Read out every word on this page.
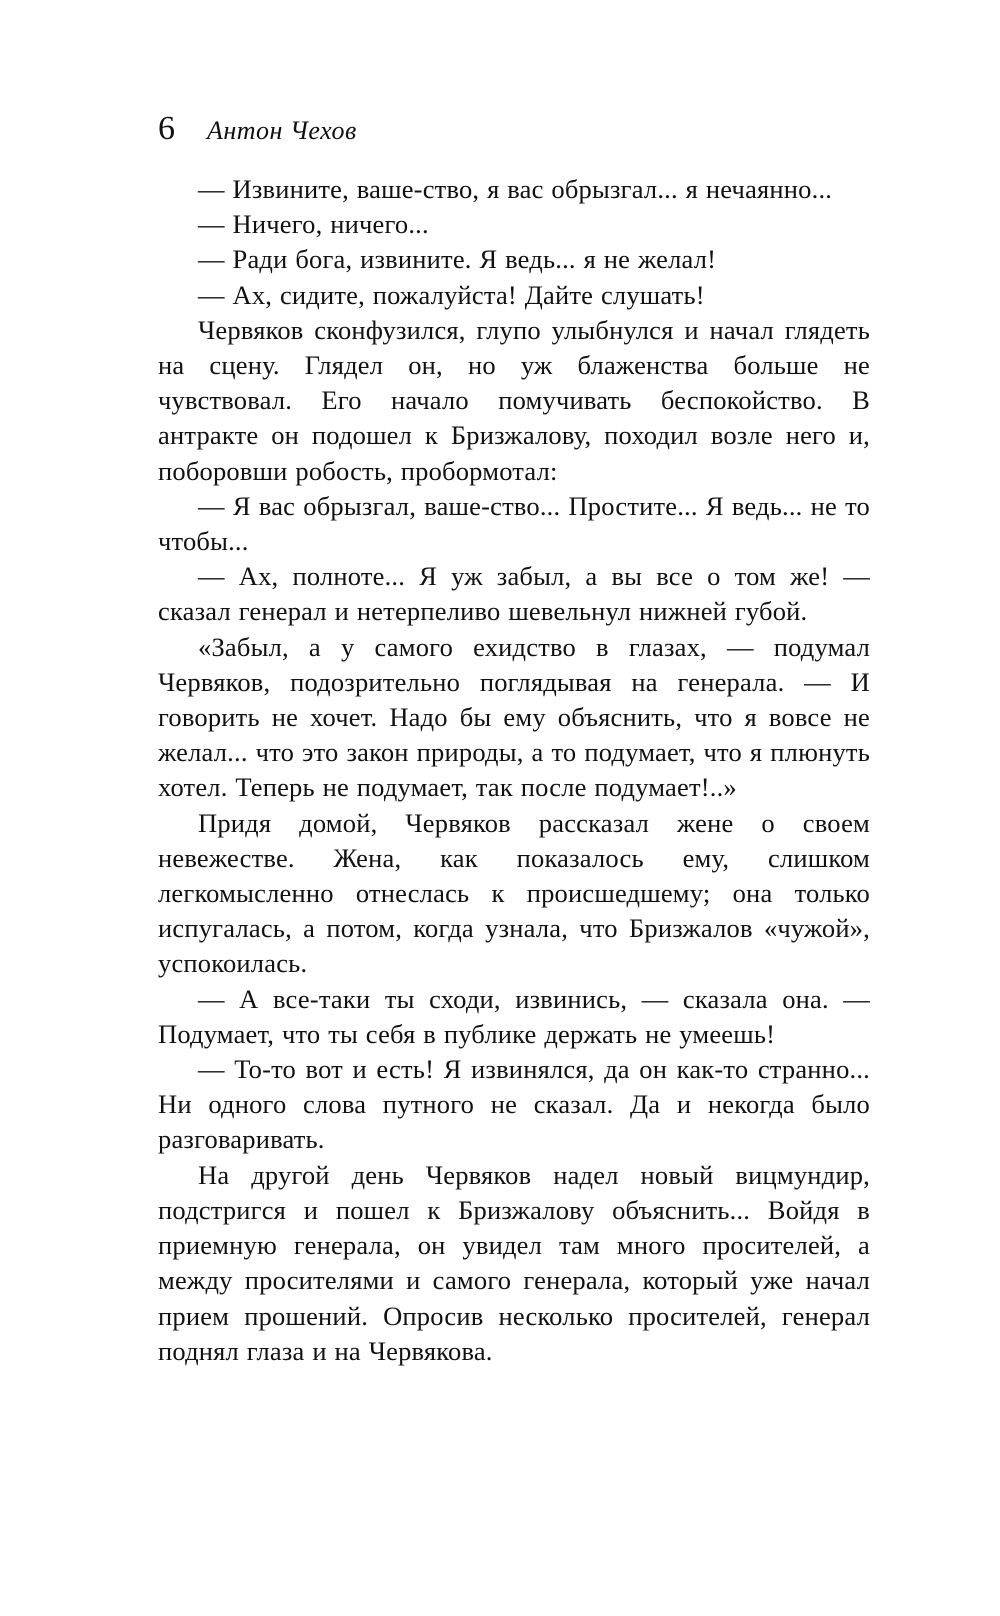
6 Антон Чехов

— Извините, ваше-ство, я вас обрызгал... я нечаянно...

— Ничего, ничего...

— Ради бога, извините. Я ведь... я не желал!

— Ах, сидите, пожалуйста! Дайте слушать!

Червяков сконфузился, глупо улыбнулся и начал глядеть на сцену. Глядел он, но уж блаженства больше не чувствовал. Его начало помучивать беспокойство. В антракте он подошел к Бризжалову, походил возле него и, поборовши робость, пробормотал:

— Я вас обрызгал, ваше-ство... Простите... Я ведь... не то чтобы...

— Ах, полноте... Я уж забыл, а вы все о том же! — сказал генерал и нетерпеливо шевельнул нижней губой.

«Забыл, а у самого ехидство в глазах, — подумал Червяков, подозрительно поглядывая на генерала. — И говорить не хочет. Надо бы ему объяснить, что я вовсе не желал... что это закон природы, а то подумает, что я плюнуть хотел. Теперь не подумает, так после подумает!..»

Придя домой, Червяков рассказал жене о своем невежестве. Жена, как показалось ему, слишком легкомысленно отнеслась к происшедшему; она только испугалась, а потом, когда узнала, что Бризжалов «чужой», успокоилась.

— А все-таки ты сходи, извинись, — сказала она. — Подумает, что ты себя в публике держать не умеешь!

— То-то вот и есть! Я извинялся, да он как-то странно... Ни одного слова путного не сказал. Да и некогда было разговаривать.

На другой день Червяков надел новый вицмундир, подстригся и пошел к Бризжалову объяснить... Войдя в приемную генерала, он увидел там много просителей, а между просителями и самого генерала, который уже начал прием прошений. Опросив несколько просителей, генерал поднял глаза и на Червякова.
